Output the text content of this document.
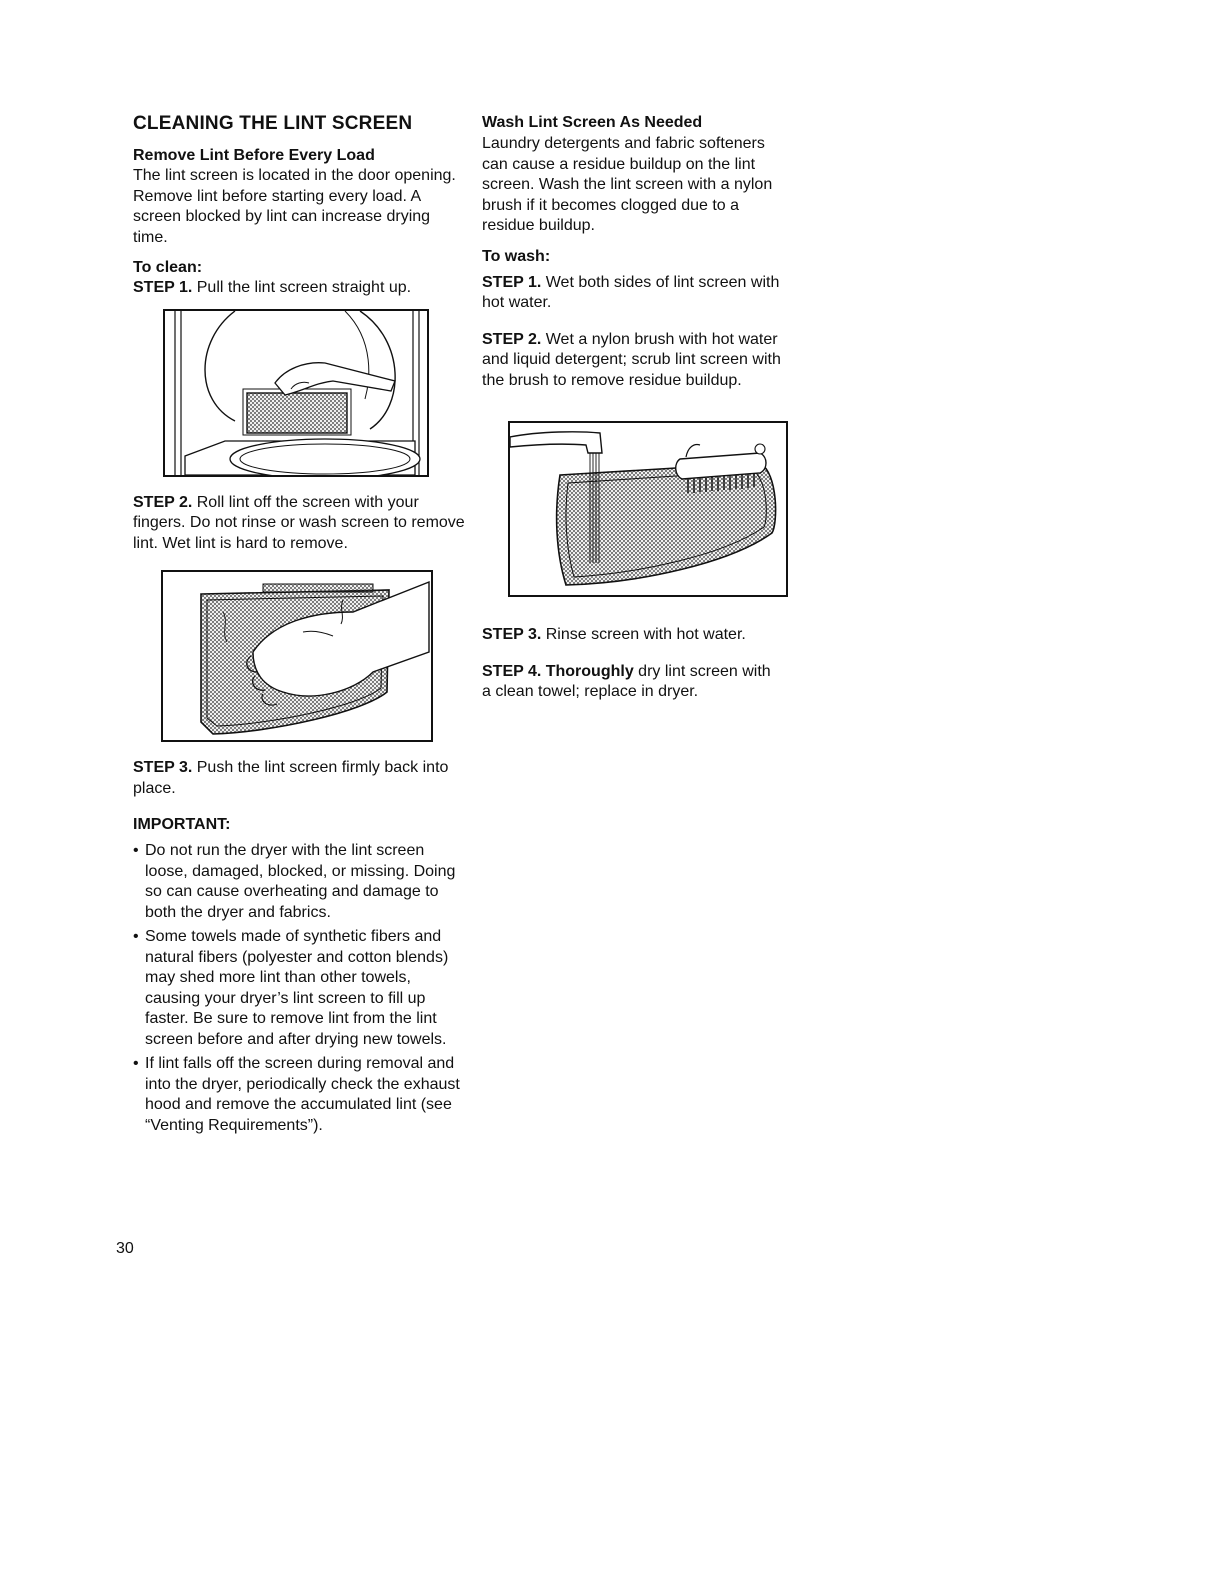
CLEANING THE LINT SCREEN
Remove Lint Before Every Load

The lint screen is located in the door opening. Remove lint before starting every load. A screen blocked by lint can increase drying time.

To clean:

STEP 1. Pull the lint screen straight up.

STEP 2. Roll lint off the screen with your fingers. Do not rinse or wash screen to remove lint. Wet lint is hard to remove.

STEP 3. Push the lint screen firmly back into place.

IMPORTANT:
• Do not run the dryer with the lint screen loose, damaged, blocked, or missing. Doing so can cause overheating and damage to both the dryer and fabrics.
• Some towels made of synthetic fibers and natural fibers (polyester and cotton blends) may shed more lint than other towels, causing your dryer’s lint screen to fill up faster. Be sure to remove lint from the lint screen before and after drying new towels.
• If lint falls off the screen during removal and into the dryer, periodically check the exhaust hood and remove the accumulated lint (see “Venting Requirements”).
Wash Lint Screen As Needed

Laundry detergents and fabric softeners can cause a residue buildup on the lint screen. Wash the lint screen with a nylon brush if it becomes clogged due to a residue buildup.

To wash:

STEP 1. Wet both sides of lint screen with hot water.

STEP 2. Wet a nylon brush with hot water and liquid detergent; scrub lint screen with the brush to remove residue buildup.

STEP 3. Rinse screen with hot water.

STEP 4. Thoroughly dry lint screen with a clean towel; replace in dryer.

30
